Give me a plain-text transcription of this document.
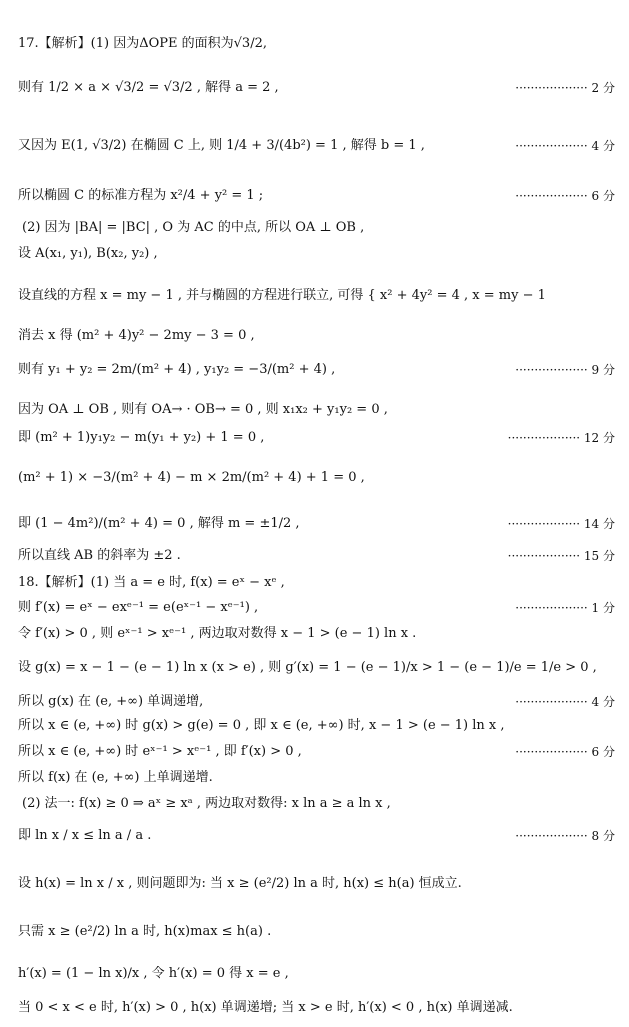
17.【解析】(1) 因为ΔOPE 的面积为√3/2,
则有 1/2 × a × √3/2 = √3/2 , 解得 a = 2 ,	··················· 2 分
又因为 E(1, √3/2) 在椭圆 C 上, 则 1/4 + 3/(4b²) = 1 , 解得 b = 1 ,	··················· 4 分
所以椭圆 C 的标准方程为 x²/4 + y² = 1 ;	··················· 6 分
(2) 因为 |BA| = |BC| , O 为 AC 的中点, 所以 OA ⊥ OB ,
设 A(x₁, y₁), B(x₂, y₂) ,
设直线的方程 x = my − 1 , 并与椭圆的方程进行联立, 可得 { x² + 4y² = 4 , x = my − 1
消去 x 得 (m² + 4)y² − 2my − 3 = 0 ,
则有 y₁ + y₂ = 2m/(m² + 4) , y₁y₂ = −3/(m² + 4) ,	··················· 9 分
因为 OA ⊥ OB , 则有 OA→ · OB→ = 0 , 则 x₁x₂ + y₁y₂ = 0 ,
即 (m² + 1)y₁y₂ − m(y₁ + y₂) + 1 = 0 ,	··················· 12 分
(m² + 1) × −3/(m² + 4) − m × 2m/(m² + 4) + 1 = 0 ,
即 (1 − 4m²)/(m² + 4) = 0 , 解得 m = ±1/2 ,	··················· 14 分
所以直线 AB 的斜率为 ±2 .	··················· 15 分
18.【解析】(1) 当 a = e 时, f(x) = eˣ − xᵉ ,
则 f′(x) = eˣ − exᵉ⁻¹ = e(eˣ⁻¹ − xᵉ⁻¹) ,	··················· 1 分
令 f′(x) > 0 , 则 eˣ⁻¹ > xᵉ⁻¹ , 两边取对数得 x − 1 > (e − 1) ln x .
设 g(x) = x − 1 − (e − 1) ln x (x > e) , 则 g′(x) = 1 − (e − 1)/x > 1 − (e − 1)/e = 1/e > 0 ,
所以 g(x) 在 (e, +∞) 单调递增,	··················· 4 分
所以 x ∈ (e, +∞) 时 g(x) > g(e) = 0 , 即 x ∈ (e, +∞) 时, x − 1 > (e − 1) ln x ,
所以 x ∈ (e, +∞) 时 eˣ⁻¹ > xᵉ⁻¹ , 即 f′(x) > 0 ,	··················· 6 分
所以 f(x) 在 (e, +∞) 上单调递增.
(2) 法一: f(x) ≥ 0 ⇒ aˣ ≥ xᵃ , 两边取对数得: x ln a ≥ a ln x ,
即 ln x / x ≤ ln a / a .	··················· 8 分
设 h(x) = ln x / x , 则问题即为: 当 x ≥ (e²/2) ln a 时, h(x) ≤ h(a) 恒成立.
只需 x ≥ (e²/2) ln a 时, h(x)max ≤ h(a) .
h′(x) = (1 − ln x)/x , 令 h′(x) = 0 得 x = e ,
当 0 < x < e 时, h′(x) > 0 , h(x) 单调递增; 当 x > e 时, h′(x) < 0 , h(x) 单调递减.
